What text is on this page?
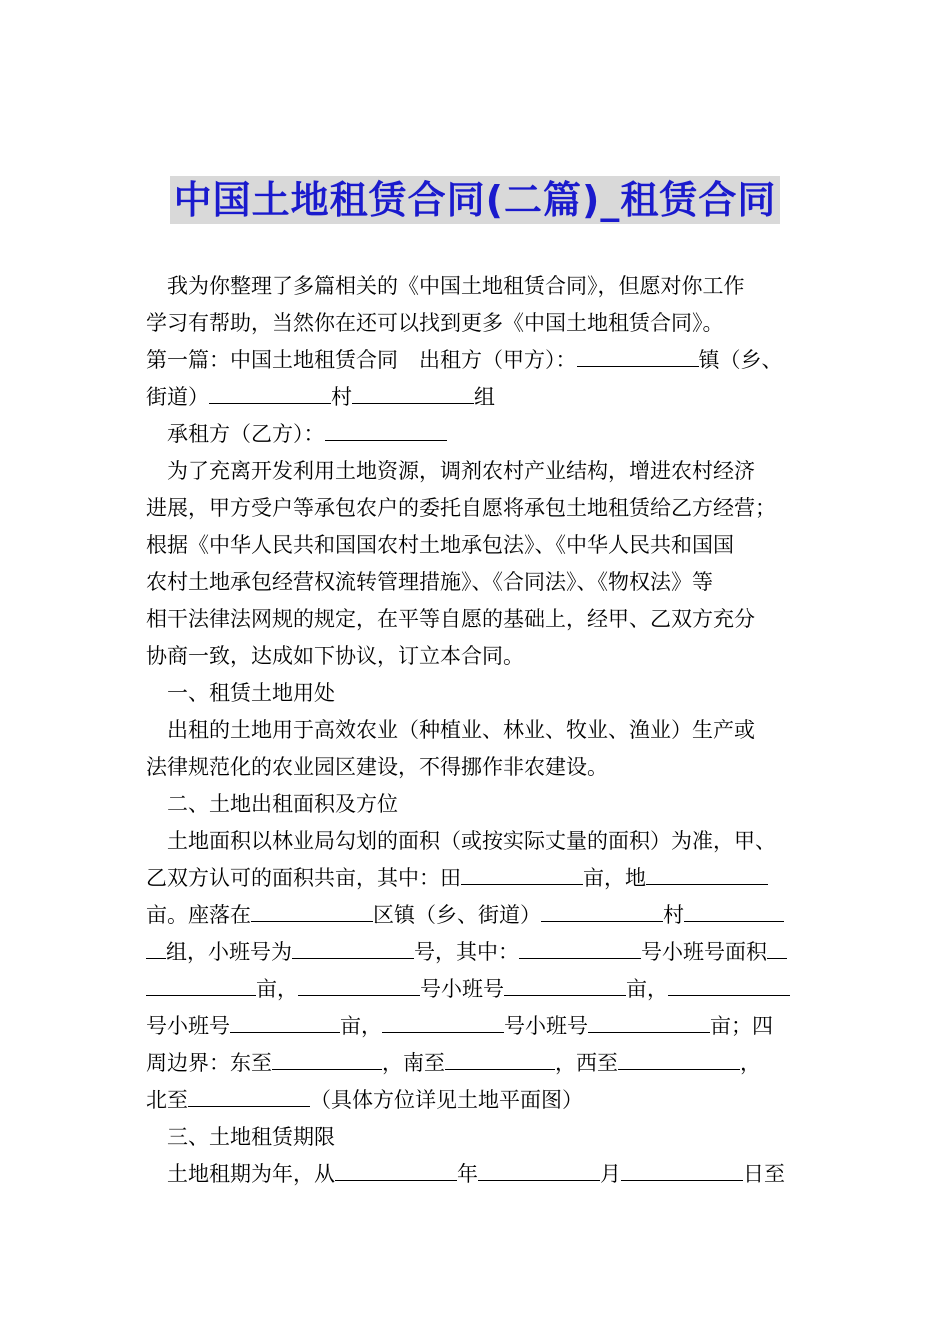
中国土地租赁合同(二篇)_租赁合同
我为你整理了多篇相关的《中国土地租赁合同》，但愿对你工作
学习有帮助，当然你在还可以找到更多《中国土地租赁合同》。
第一篇：中国土地租赁合同　出租方（甲方）：	镇（乡、
街道）	村	组
承租方（乙方）：
为了充离开发利用土地资源，调剂农村产业结构，增进农村经济
进展，甲方受户等承包农户的委托自愿将承包土地租赁给乙方经营；
根据《中华人民共和国国农村土地承包法》、《中华人民共和国国
农村土地承包经营权流转管理措施》、《合同法》、《物权法》等
相干法律法网规的规定，在平等自愿的基础上，经甲、乙双方充分
协商一致，达成如下协议，订立本合同。
一、租赁土地用处
出租的土地用于高效农业（种植业、林业、牧业、渔业）生产或
法律规范化的农业园区建设，不得挪作非农建设。
二、土地出租面积及方位
土地面积以林业局勾划的面积（或按实际丈量的面积）为准，甲、
乙双方认可的面积共亩，其中：田	亩，地
亩。座落在	区镇（乡、街道）	村
组，小班号为	号，其中：	号小班号面积
亩，	号小班号	亩，
号小班号	亩，	号小班号	亩；四
周边界：东至	，南至	，西至	，
北至	（具体方位详见土地平面图）
三、土地租赁期限
土地租期为年，从	年	月	日至
